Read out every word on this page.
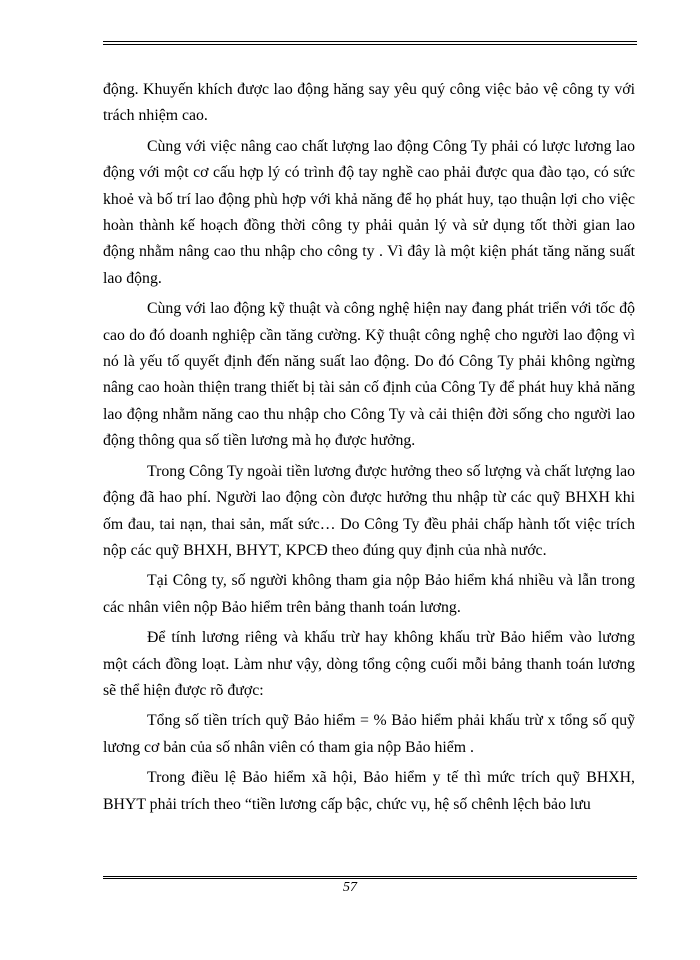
động. Khuyến khích được lao động hăng say yêu quý công việc bảo vệ công ty với trách nhiệm cao.

Cùng với việc nâng cao chất lượng lao động Công Ty phải có lược lương lao động với một cơ cấu hợp lý có trình độ tay nghề cao phải được qua đào tạo, có sức khoẻ và bố trí lao động phù hợp với khả năng để họ phát huy, tạo thuận lợi cho việc hoàn thành kế hoạch đồng thời công ty phải quản lý và sử dụng tốt thời gian lao động nhằm nâng cao thu nhập cho công ty . Vì đây là một kiện phát tăng năng suất lao động.

Cùng với lao động kỹ thuật và công nghệ hiện nay đang phát triển với tốc độ cao do đó doanh nghiệp cần tăng cường. Kỹ thuật công nghệ cho người lao động vì nó là yếu tố quyết định đến năng suất lao động. Do đó Công Ty phải không ngừng nâng cao hoàn thiện trang thiết bị tài sản cố định của Công Ty để phát huy khả năng lao động nhằm năng cao thu nhập cho Công Ty và cải thiện đời sống cho người lao động thông qua số tiền lương mà họ được hưởng.

Trong Công Ty ngoài tiền lương được hưởng theo số lượng và chất lượng lao động đã hao phí. Người lao động còn được hưởng thu nhập từ các quỹ BHXH khi ốm đau, tai nạn, thai sản, mất sức… Do Công Ty đều phải chấp hành tốt việc trích nộp các quỹ BHXH, BHYT, KPCĐ theo đúng quy định của nhà nước.

Tại Công ty, số người không tham gia nộp Bảo hiểm khá nhiều và lẫn trong các nhân viên nộp Bảo hiểm trên bảng thanh toán lương.

Để tính lương riêng và khấu trừ hay không khấu trừ Bảo hiểm vào lương một cách đồng loạt. Làm như vậy, dòng tổng cộng cuối mỗi bảng thanh toán lương sẽ thể hiện được rõ được:

Tổng số tiền trích quỹ Bảo hiểm = % Bảo hiểm phải khấu trừ x tổng số quỹ lương cơ bản của số nhân viên có tham gia nộp Bảo hiểm .

Trong điều lệ Bảo hiểm xã hội, Bảo hiểm y tế thì mức trích quỹ BHXH, BHYT phải trích theo “tiền lương cấp bậc, chức vụ, hệ số chênh lệch bảo lưu

57
